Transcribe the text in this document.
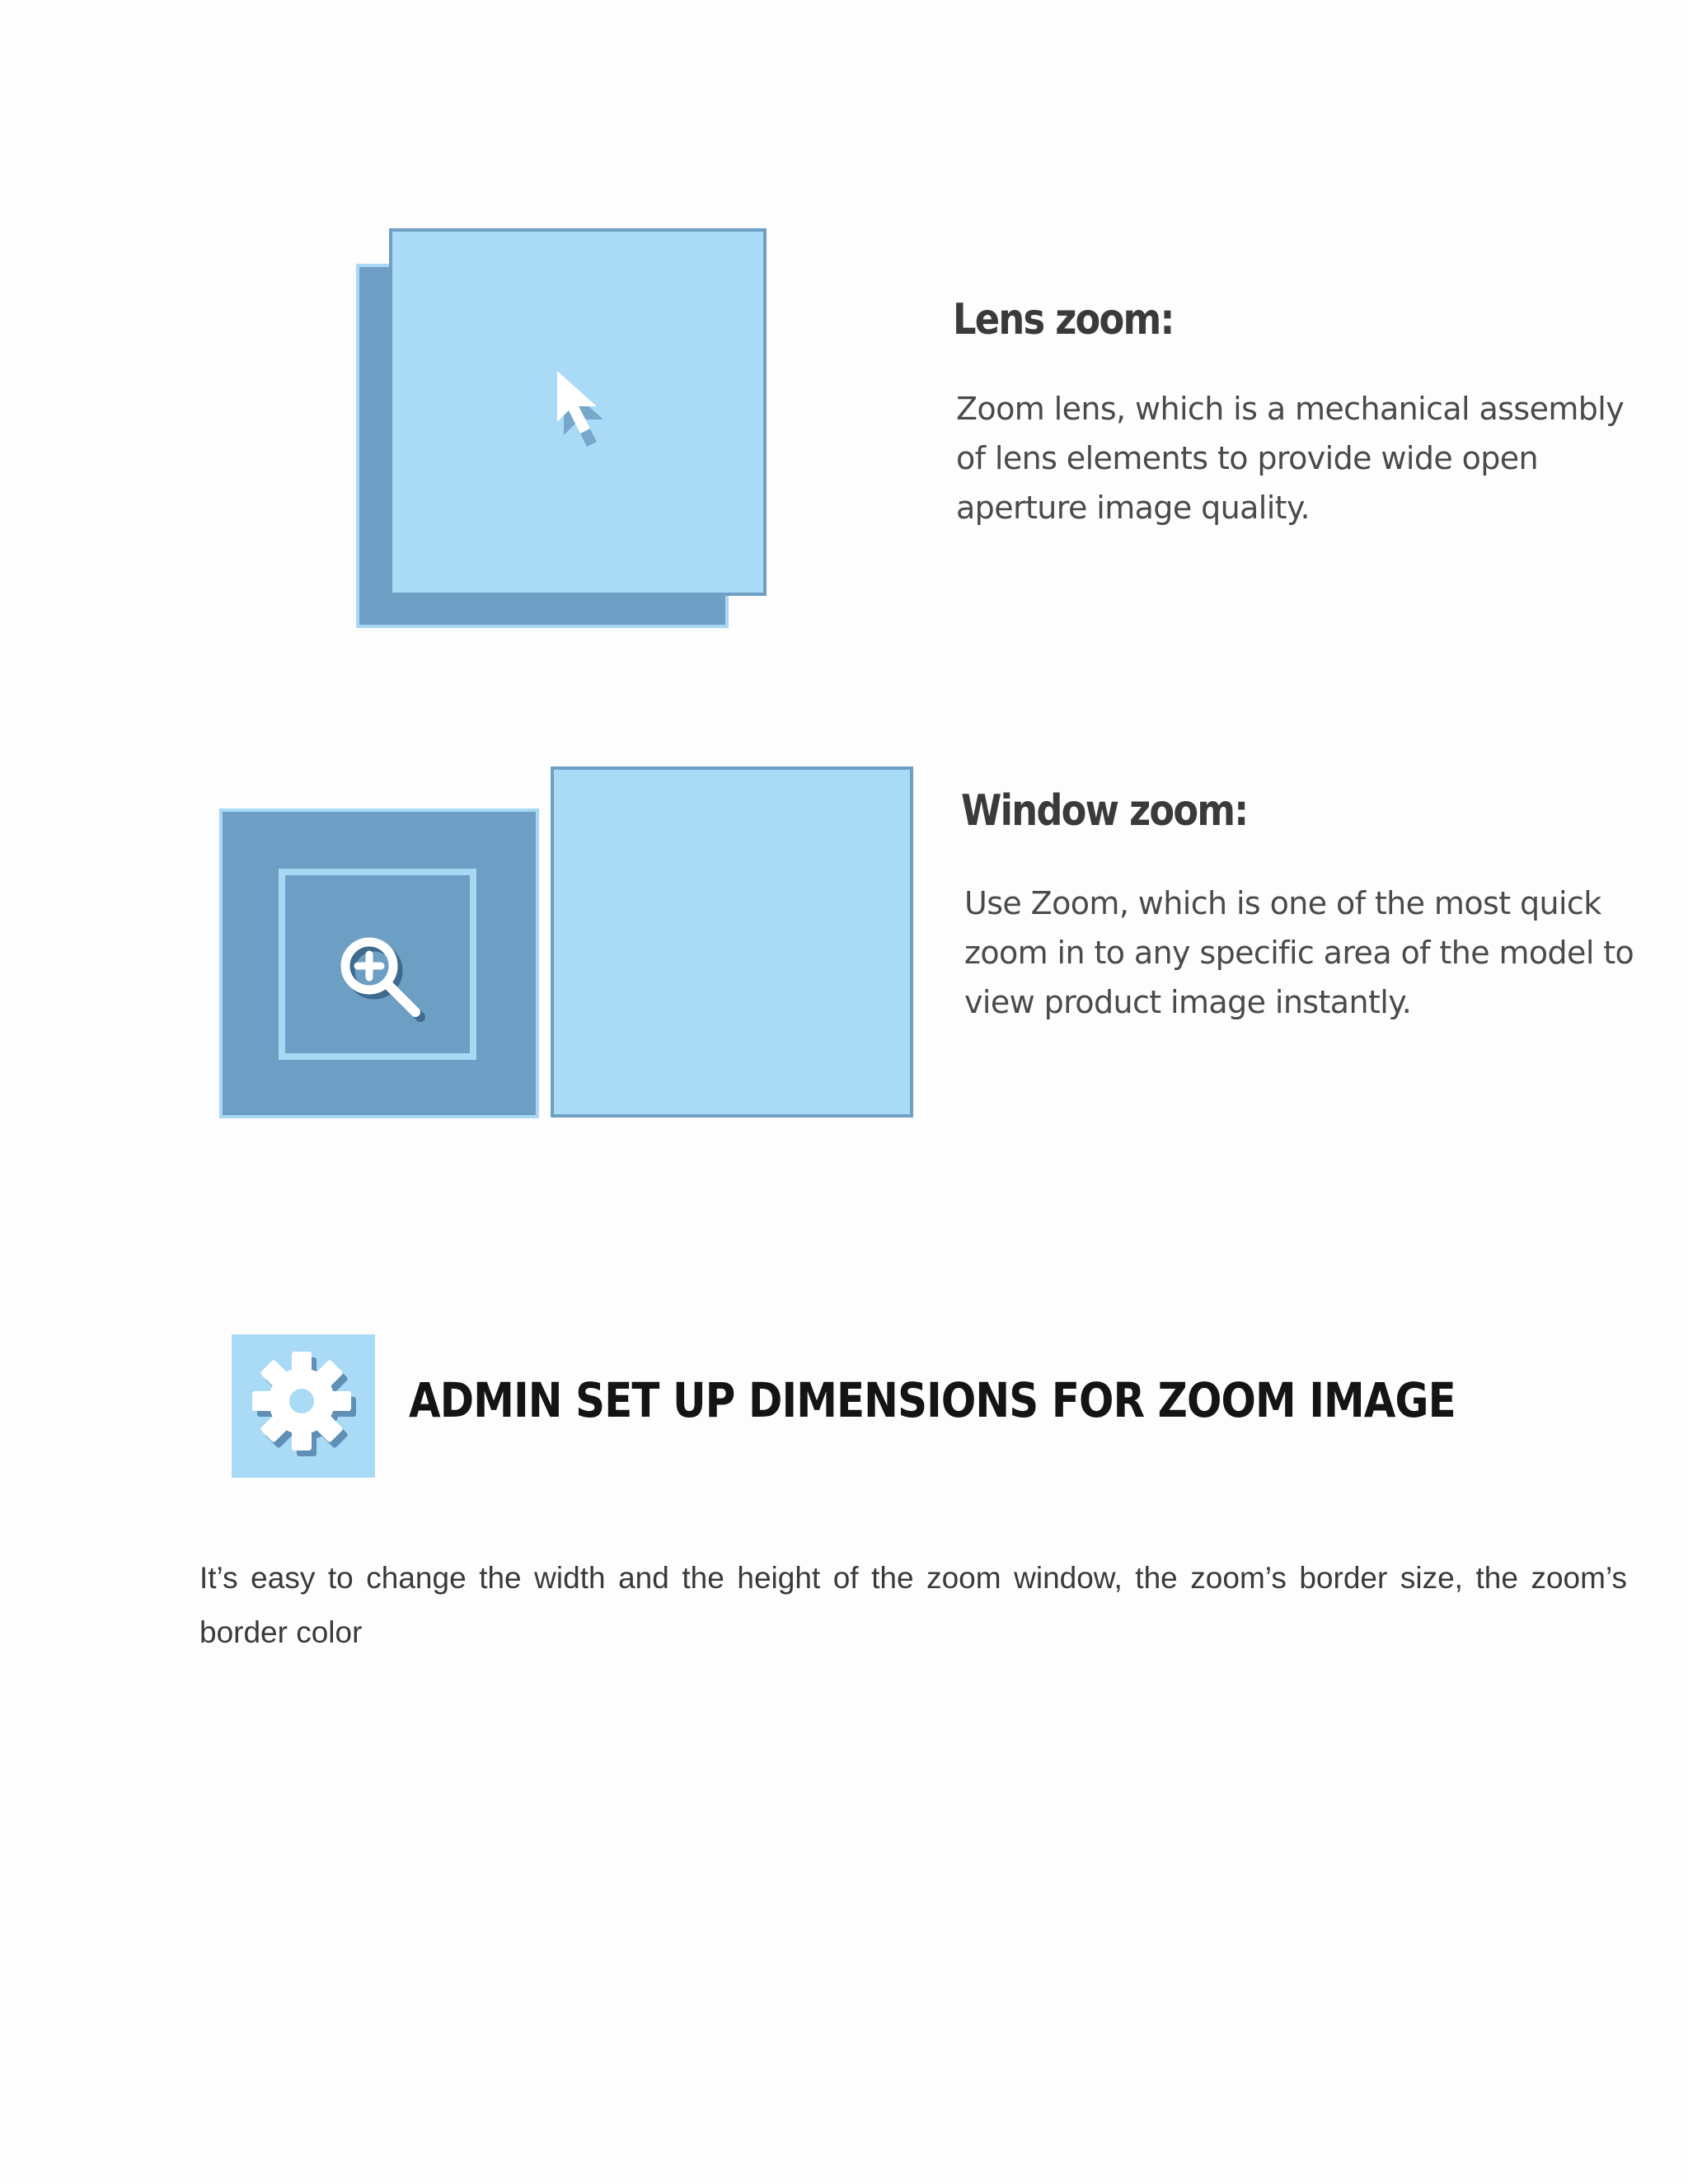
Lens zoom:

Zoom lens, which is a mechanical assembly of lens elements to provide wide open aperture image quality.

Window zoom:

Use Zoom, which is one of the most quick zoom in to any specific area of the model to view product image instantly.

ADMIN SET UP DIMENSIONS FOR ZOOM IMAGE

It’s easy to change the width and the height of the zoom window, the zoom’s border size, the zoom’s border color
